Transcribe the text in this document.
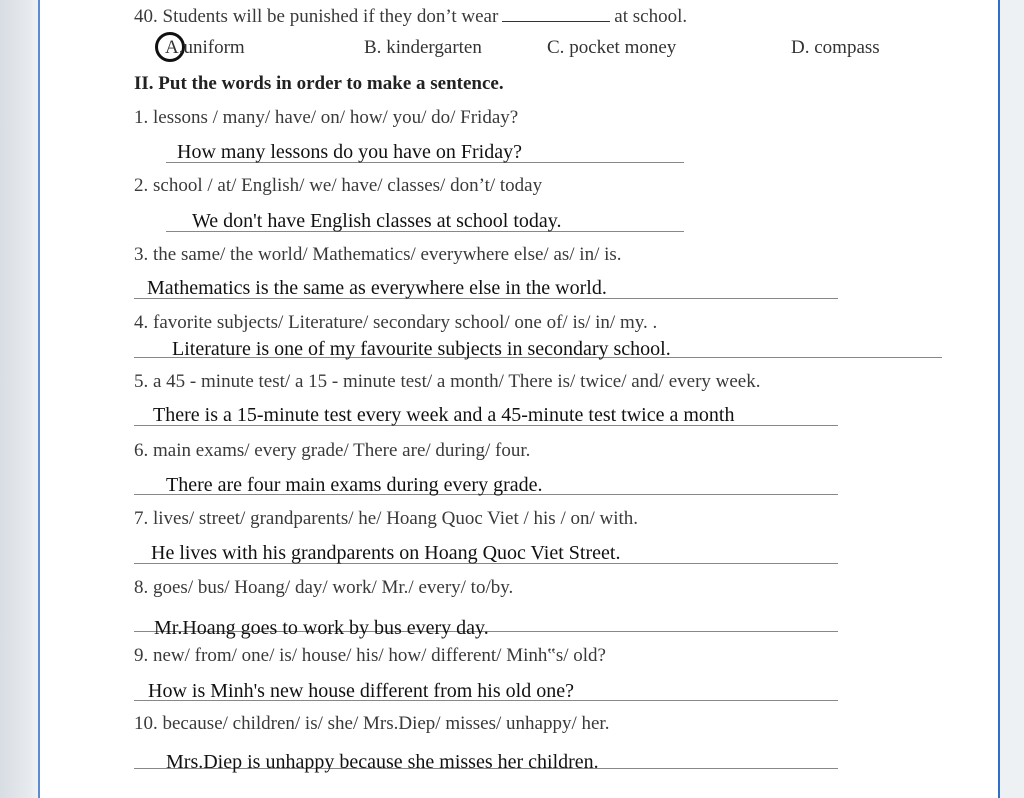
40. Students will be punished if they don’t wear	at school.
A.uniform	B. kindergarten	C. pocket money	D. compass
II. Put the words in order to make a sentence.
1. lessons / many/ have/ on/ how/ you/ do/ Friday?
How many lessons do you have on Friday?
2. school / at/ English/ we/ have/ classes/ don’t/ today
We don't have English classes at school today.
3. the same/ the world/ Mathematics/ everywhere else/ as/ in/ is.
Mathematics is the same as everywhere else in the world.
4. favorite subjects/ Literature/ secondary school/ one of/ is/ in/ my. .
Literature is one of my favourite subjects in secondary school.
5. a 45 - minute test/ a 15 - minute test/ a month/ There is/ twice/ and/ every week.
There is a 15-minute test every week and a 45-minute test twice a month
6. main exams/ every grade/ There are/ during/ four.
There are four main exams during every grade.
7. lives/ street/ grandparents/ he/ Hoang Quoc Viet / his / on/ with.
He lives with his grandparents on Hoang Quoc Viet Street.
8. goes/ bus/ Hoang/ day/ work/ Mr./ every/ to/by.
Mr.Hoang goes to work by bus every day.
9. new/ from/ one/ is/ house/ his/ how/ different/ Minh‟s/ old?
How is Minh's new house different from his old one?
10. because/ children/ is/ she/ Mrs.Diep/ misses/ unhappy/ her.
Mrs.Diep is unhappy because she misses her children.
